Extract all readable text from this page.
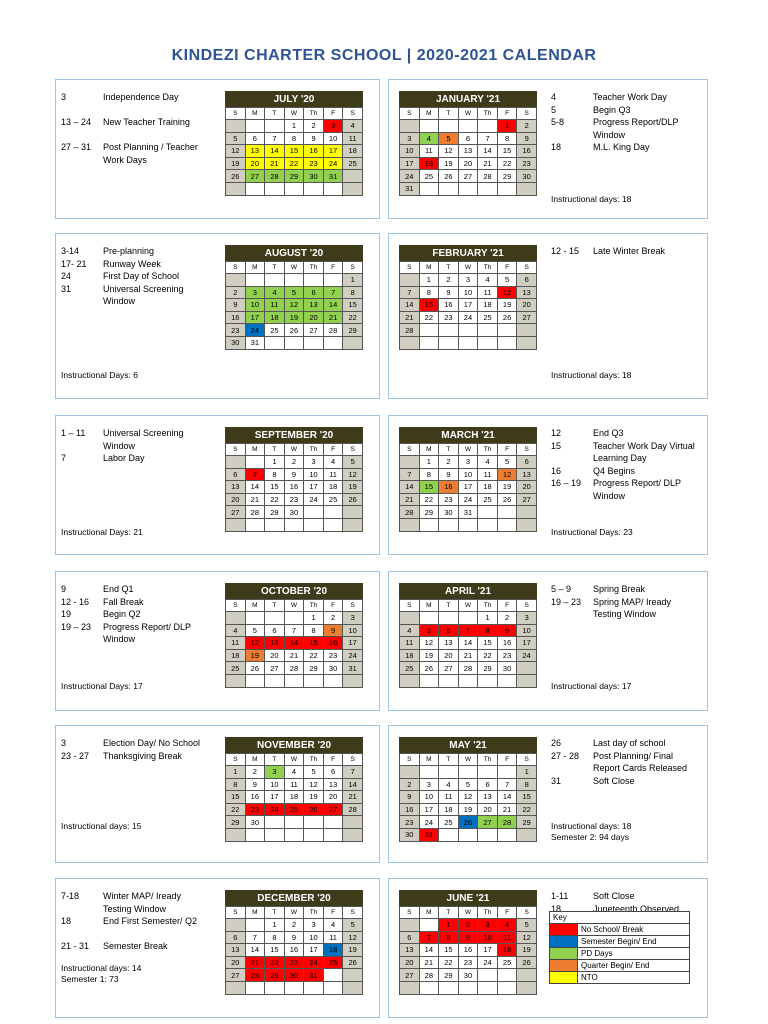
KINDEZI CHARTER SCHOOL | 2020-2021 CALENDAR
3	Independence Day

13 – 24 New Teacher Training

27 – 31 Post Planning / Teacher Work Days
JULY '20
S	M	T	W	Th	F	S
			1	2	3	4
5	6	7	8	9	10	11
12	13	14	15	16	17	18
19	20	21	22	23	24	25
26	27	28	29	30	31	

JANUARY '21
S	M	T	W	Th	F	S
					1	2
3	4	5	6	7	8	9
10	11	12	13	14	15	16
17	18	19	20	21	22	23
24	25	26	27	28	29	30
31						
4	Teacher Work Day
5	Begin Q3
5-8	Progress Report/DLP Window
18	M.L. King Day
Instructional days: 18
3-14	Pre-planning
17- 21 Runway Week
24	First Day of School
31	Universal Screening Window
Instructional Days: 6
AUGUST '20
S	M	T	W	Th	F	S
						1
2	3	4	5	6	7	8
9	10	11	12	13	14	15
16	17	18	19	20	21	22
23	24	25	26	27	28	29
30	31					
FEBRUARY '21
S	M	T	W	Th	F	S
	1	2	3	4	5	6
7	8	9	10	11	12	13
14	15	16	17	18	19	20
21	22	23	24	25	26	27
28						

12 - 15 Late Winter Break
Instructional days: 18
1 – 11 Universal Screening Window
7	Labor Day
Instructional Days: 21
SEPTEMBER '20
S	M	T	W	Th	F	S
		1	2	3	4	5
6	7	8	9	10	11	12
13	14	15	16	17	18	19
20	21	22	23	24	25	26
27	28	29	30			

MARCH '21
S	M	T	W	Th	F	S
	1	2	3	4	5	6
7	8	9	10	11	12	13
14	15	16	17	18	19	20
21	22	23	24	25	26	27
28	29	30	31			

12	End Q3
15	Teacher Work Day Virtual Learning Day
16	Q4 Begins
16 – 19 Progress Report/ DLP Window
Instructional Days: 23
9	End Q1
12 - 16 Fall Break
19	Begin Q2
19 – 23 Progress Report/ DLP Window
Instructional Days: 17
OCTOBER '20
S	M	T	W	Th	F	S
				1	2	3
4	5	6	7	8	9	10
11	12	13	14	15	16	17
18	19	20	21	22	23	24
25	26	27	28	29	30	31

APRIL '21
S	M	T	W	Th	F	S
				1	2	3
4	5	6	7	8	9	10
11	12	13	14	15	16	17
18	19	20	21	22	23	24
25	26	27	28	29	30	

5 – 9 Spring Break
19 – 23 Spring MAP/ Iready Testing Window
Instructional days: 17
3	Election Day/ No School
23 - 27 Thanksgiving Break
Instructional days: 15
NOVEMBER '20
S	M	T	W	Th	F	S
1	2	3	4	5	6	7
8	9	10	11	12	13	14
15	16	17	18	19	20	21
22	23	24	25	26	27	28
29	30					

MAY '21
S	M	T	W	Th	F	S
						1
2	3	4	5	6	7	8
9	10	11	12	13	14	15
16	17	18	19	20	21	22
23	24	25	26	27	28	29
30	31					
26	Last day of school
27 - 28 Post Planning/ Final Report Cards Released
31	Soft Close
Instructional days: 18
Semester 2: 94 days
7-18	Winter MAP/ Iready Testing Window
18	End First Semester/ Q2

21 - 31 Semester Break
Instructional days: 14
Semester 1: 73
DECEMBER '20
S	M	T	W	Th	F	S
		1	2	3	4	5
6	7	8	9	10	11	12
13	14	15	16	17	18	19
20	21	22	23	24	25	26
27	28	29	30	31		

JUNE '21
S	M	T	W	Th	F	S
		1	2	3	4	5
6	7	8	9	10	11	12
13	14	15	16	17	18	19
20	21	22	23	24	25	26
27	28	29	30			

1-11	Soft Close
18	Juneteenth Observed
Key	
	No School/ Break
	Semester Begin/ End
	PD Days
	Quarter Begin/ End
	NTO
